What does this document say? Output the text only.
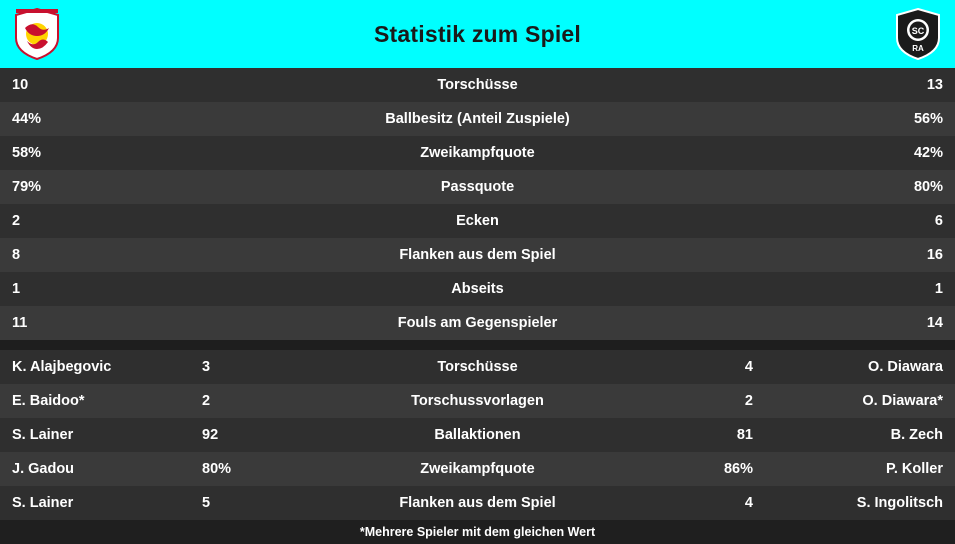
Statistik zum Spiel	SC
RA
10	Torschüsse	13
44%	Ballbesitz (Anteil Zuspiele)	56%
58%	Zweikampfquote	42%
79%	Passquote	80%
2	Ecken	6
8	Flanken aus dem Spiel	16
1	Abseits	1
11	Fouls am Gegenspieler	14
K. Alajbegovic	3	Torschüsse	4	O. Diawara
E. Baidoo*	2	Torschussvorlagen	2	O. Diawara*
S. Lainer	92	Ballaktionen	81	B. Zech
J. Gadou	80%	Zweikampfquote	86%	P. Koller
S. Lainer	5	Flanken aus dem Spiel	4	S. Ingolitsch
*Mehrere Spieler mit dem gleichen Wert
